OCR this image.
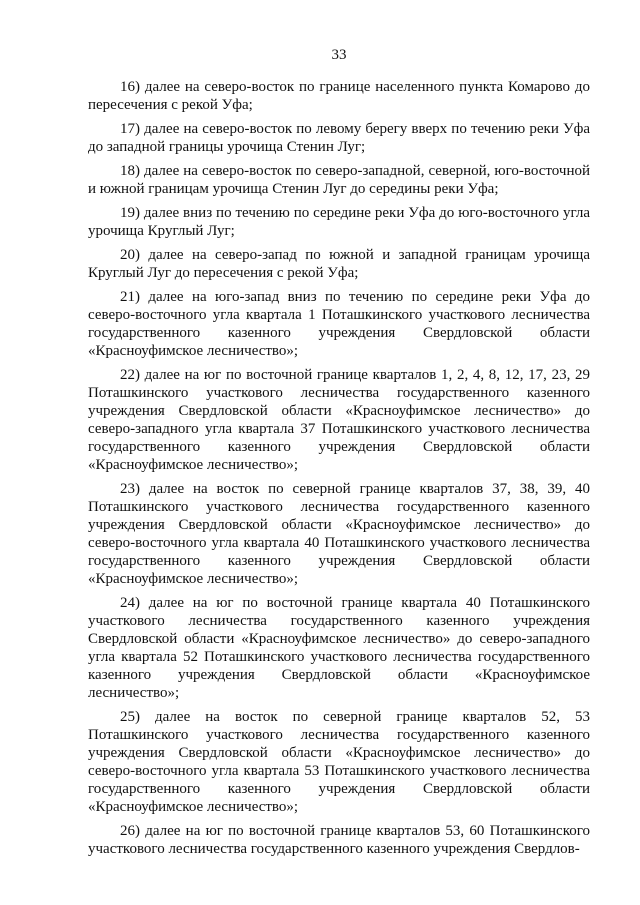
33

16) далее на северо-восток по границе населенного пункта Комарово до пересечения с рекой Уфа;

17) далее на северо-восток по левому берегу вверх по течению реки Уфа до западной границы урочища Стенин Луг;

18) далее на северо-восток по северо-западной, северной, юго-восточной и южной границам урочища Стенин Луг до середины реки Уфа;

19) далее вниз по течению по середине реки Уфа до юго-восточного угла урочища Круглый Луг;

20) далее на северо-запад по южной и западной границам урочища Круглый Луг до пересечения с рекой Уфа;

21) далее на юго-запад вниз по течению по середине реки Уфа до северо-восточного угла квартала 1 Поташкинского участкового лесничества государственного казенного учреждения Свердловской области «Красноуфимское лесничество»;

22) далее на юг по восточной границе кварталов 1, 2, 4, 8, 12, 17, 23, 29 Поташкинского участкового лесничества государственного казенного учреждения Свердловской области «Красноуфимское лесничество» до северо-западного угла квартала 37 Поташкинского участкового лесничества государственного казенного учреждения Свердловской области «Красноуфимское лесничество»;

23) далее на восток по северной границе кварталов 37, 38, 39, 40 Поташкинского участкового лесничества государственного казенного учреждения Свердловской области «Красноуфимское лесничество» до северо-восточного угла квартала 40 Поташкинского участкового лесничества государственного казенного учреждения Свердловской области «Красноуфимское лесничество»;

24) далее на юг по восточной границе квартала 40 Поташкинского участкового лесничества государственного казенного учреждения Свердловской области «Красноуфимское лесничество» до северо-западного угла квартала 52 Поташкинского участкового лесничества государственного казенного учреждения Свердловской области «Красноуфимское лесничество»;

25) далее на восток по северной границе кварталов 52, 53 Поташкинского участкового лесничества государственного казенного учреждения Свердловской области «Красноуфимское лесничество» до северо-восточного угла квартала 53 Поташкинского участкового лесничества государственного казенного учреждения Свердловской области «Красноуфимское лесничество»;

26) далее на юг по восточной границе кварталов 53, 60 Поташкинского участкового лесничества государственного казенного учреждения Свердлов-
